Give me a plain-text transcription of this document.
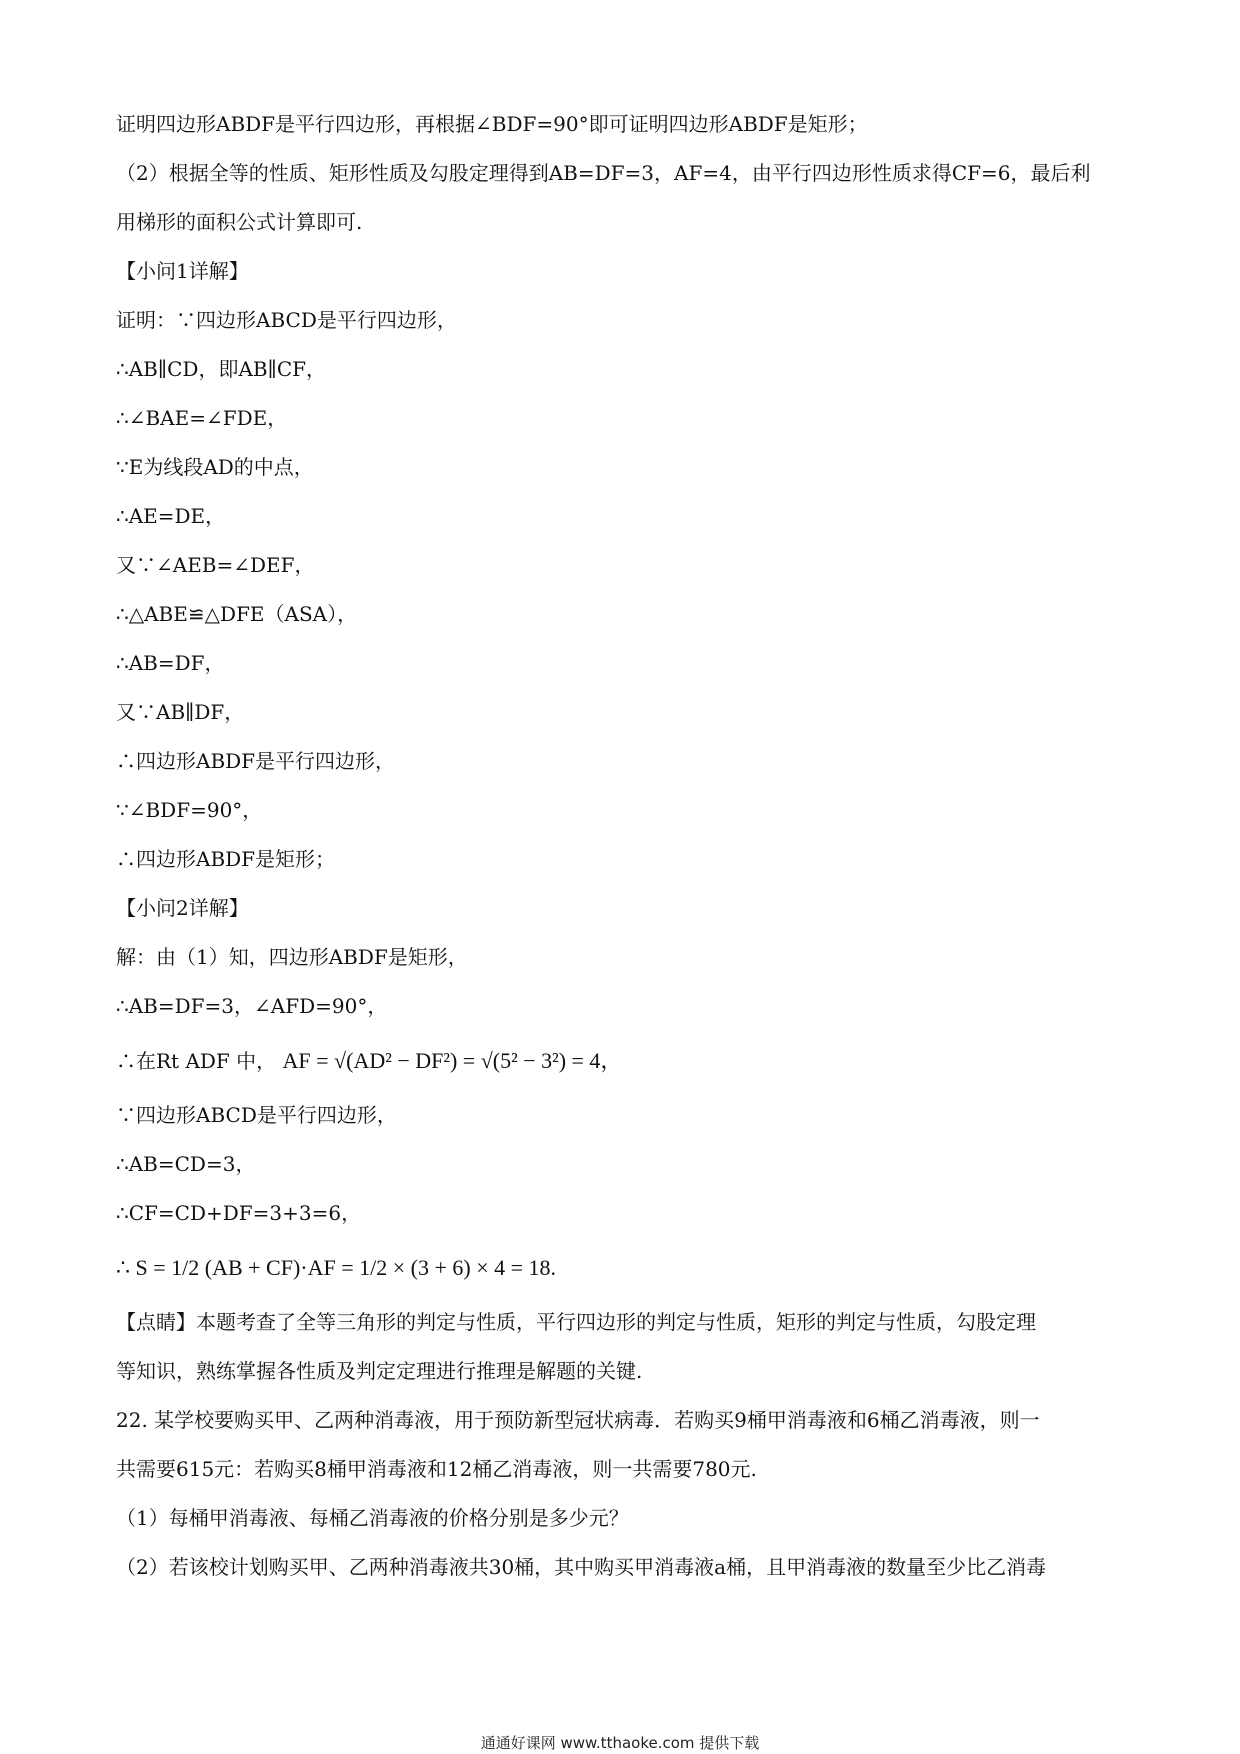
证明四边形ABDF是平行四边形，再根据∠BDF=90°即可证明四边形ABDF是矩形；
（2）根据全等的性质、矩形性质及勾股定理得到AB=DF=3，AF=4，由平行四边形性质求得CF=6，最后利
用梯形的面积公式计算即可.
【小问1详解】
证明：∵四边形ABCD是平行四边形，
∴AB∥CD，即AB∥CF，
∴∠BAE=∠FDE，
∵E为线段AD的中点，
∴AE=DE，
又∵∠AEB=∠DEF，
∴△ABE≌△DFE（ASA），
∴AB=DF，
又∵AB∥DF，
∴四边形ABDF是平行四边形，
∵∠BDF=90°，
∴四边形ABDF是矩形；
【小问2详解】
解：由（1）知，四边形ABDF是矩形，
∴AB=DF=3，∠AFD=90°，
∴在Rt ADF 中， AF = √(AD² − DF²) = √(5² − 3²) = 4，
∵四边形ABCD是平行四边形，
∴AB=CD=3，
∴CF=CD+DF=3+3=6，
∴ S = 1/2 (AB + CF)·AF = 1/2 × (3 + 6) × 4 = 18.
【点睛】本题考查了全等三角形的判定与性质，平行四边形的判定与性质，矩形的判定与性质，勾股定理
等知识，熟练掌握各性质及判定定理进行推理是解题的关键.
22. 某学校要购买甲、乙两种消毒液，用于预防新型冠状病毒．若购买9桶甲消毒液和6桶乙消毒液，则一
共需要615元：若购买8桶甲消毒液和12桶乙消毒液，则一共需要780元.
（1）每桶甲消毒液、每桶乙消毒液的价格分别是多少元？
（2）若该校计划购买甲、乙两种消毒液共30桶，其中购买甲消毒液a桶，且甲消毒液的数量至少比乙消毒
通通好课网 www.tthaoke.com 提供下载
